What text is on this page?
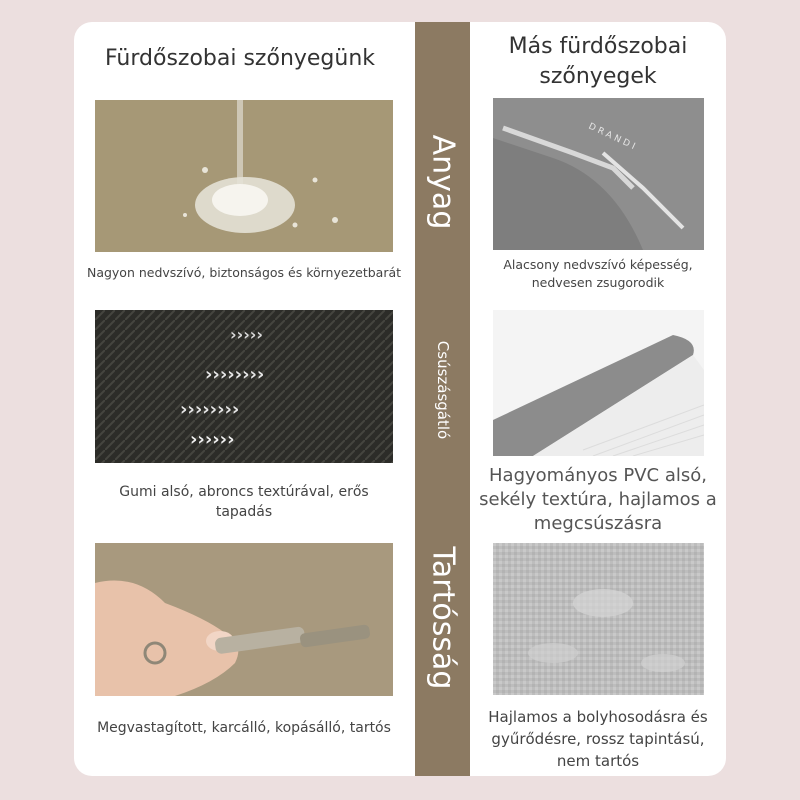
Anyag
Csúszásgátló
Tartósság
Fürdőszobai szőnyegünk	Más fürdőszobai
szőnyegek
Nagyon nedvszívó, biztonságos és környezetbarát
›››››
››››››››
››››››››
››››››
Gumi alsó, abroncs textúrával, erős tapadás
Megvastagított, karcálló, kopásálló, tartós
DRANDI
Alacsony nedvszívó képesség, nedvesen zsugorodik
Hagyományos PVC alsó, sekély textúra, hajlamos a megcsúszásra
Hajlamos a bolyhosodásra és gyűrődésre, rossz tapintású, nem tartós
